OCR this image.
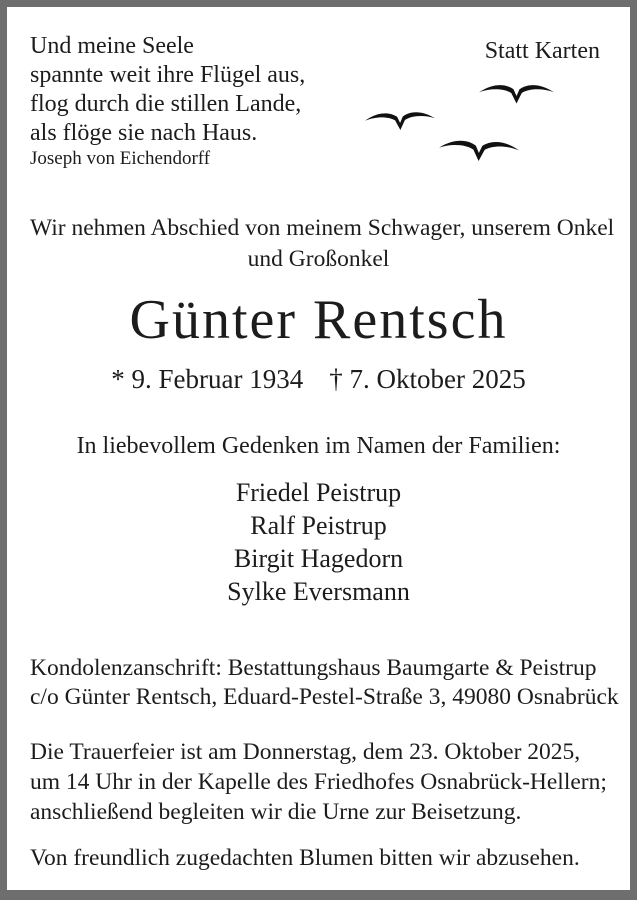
Statt Karten
Und meine Seele
spannte weit ihre Flügel aus,
flog durch die stillen Lande,
als flöge sie nach Haus.
Joseph von Eichendorff
Wir nehmen Abschied von meinem Schwager, unserem Onkel
und Großonkel
Günter Rentsch
* 9. Februar 1934 † 7. Oktober 2025
In liebevollem Gedenken im Namen der Familien:
Friedel Peistrup
Ralf Peistrup
Birgit Hagedorn
Sylke Eversmann
Kondolenzanschrift: Bestattungshaus Baumgarte & Peistrup
c/o Günter Rentsch, Eduard-Pestel-Straße 3, 49080 Osnabrück
Die Trauerfeier ist am Donnerstag, dem 23. Oktober 2025,
um 14 Uhr in der Kapelle des Friedhofes Osnabrück-Hellern;
anschließend begleiten wir die Urne zur Beisetzung.
Von freundlich zugedachten Blumen bitten wir abzusehen.
